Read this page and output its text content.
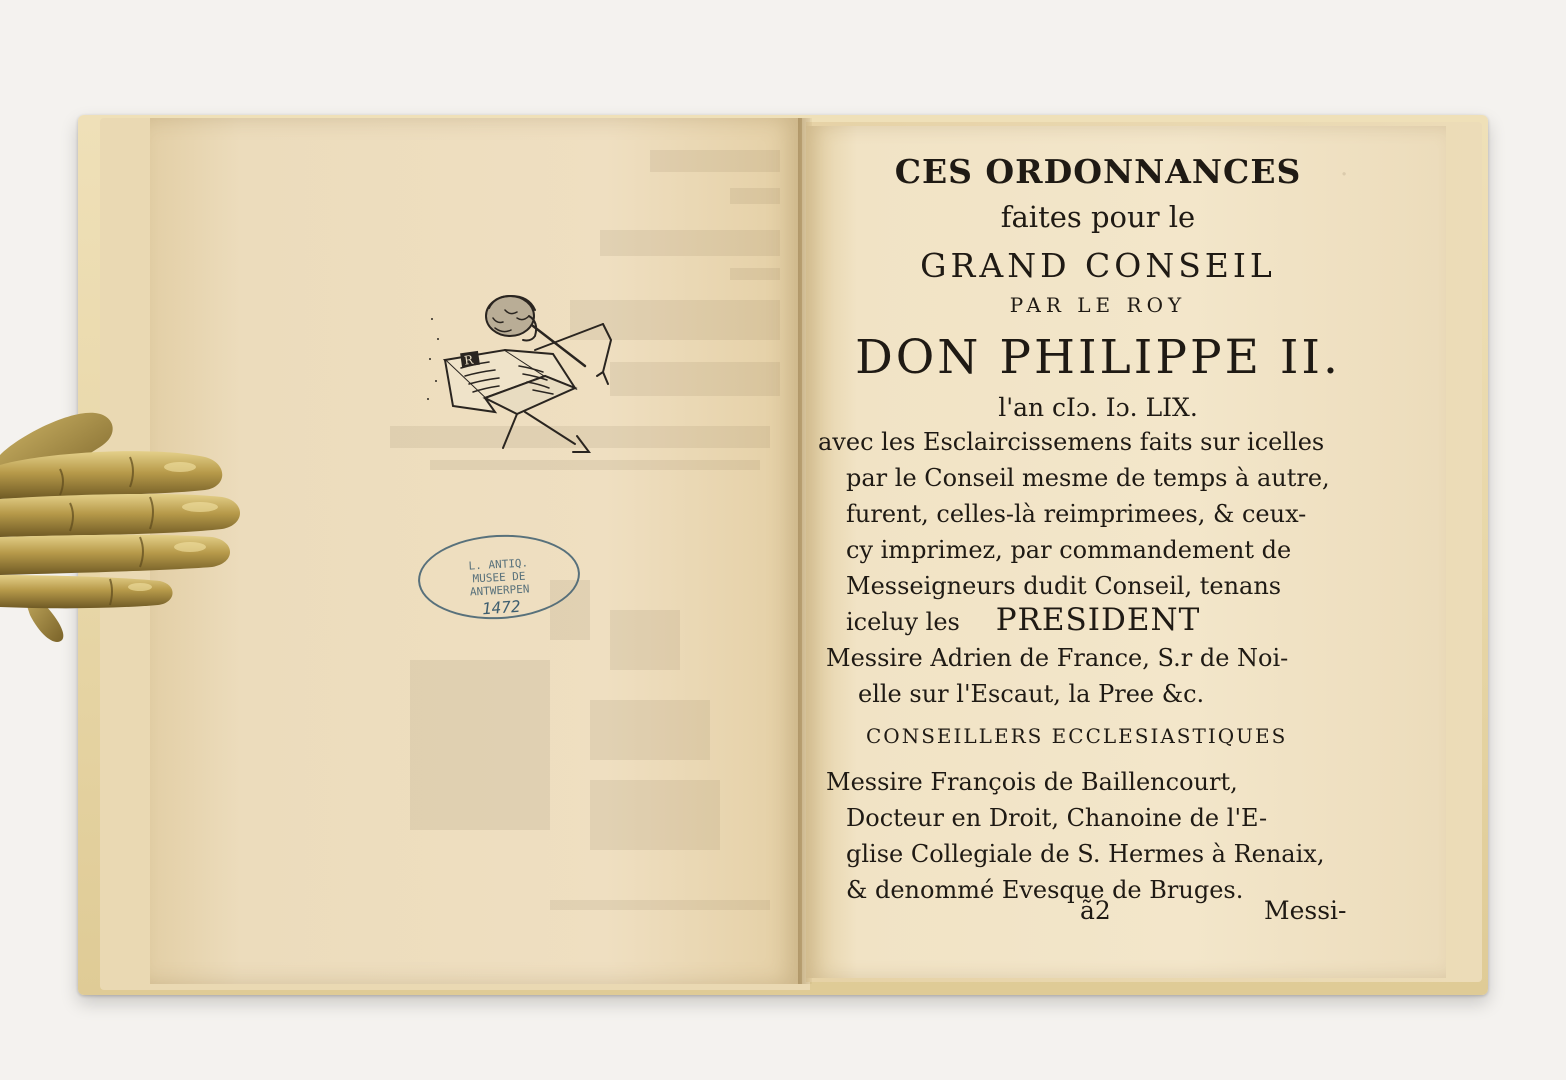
R
L. ANTIQ.
MUSEE DE
ANTWERPEN
1472
·
CES ORDONNANCES
faites pour le
GRAND CONSEIL
PAR LE ROY
DON PHILIPPE II.
l'an cIɔ. Iɔ. LIX.
avec les Esclaircissemens faits sur icelles
par le Conseil mesme de temps à autre,
furent, celles-là reimprimees, & ceux-
cy imprimez, par commandement de
Messeigneurs dudit Conseil, tenans
iceluy les	PRESIDENT
Messire Adrien de France, S.r de Noi-
elle sur l'Escaut, la Pree &c.
CONSEILLERS ECCLESIASTIQUES
Messire François de Baillencourt,
Docteur en Droit, Chanoine de l'E-
glise Collegiale de S. Hermes à Renaix,
& denommé Evesque de Bruges.
ã2	Messi-
